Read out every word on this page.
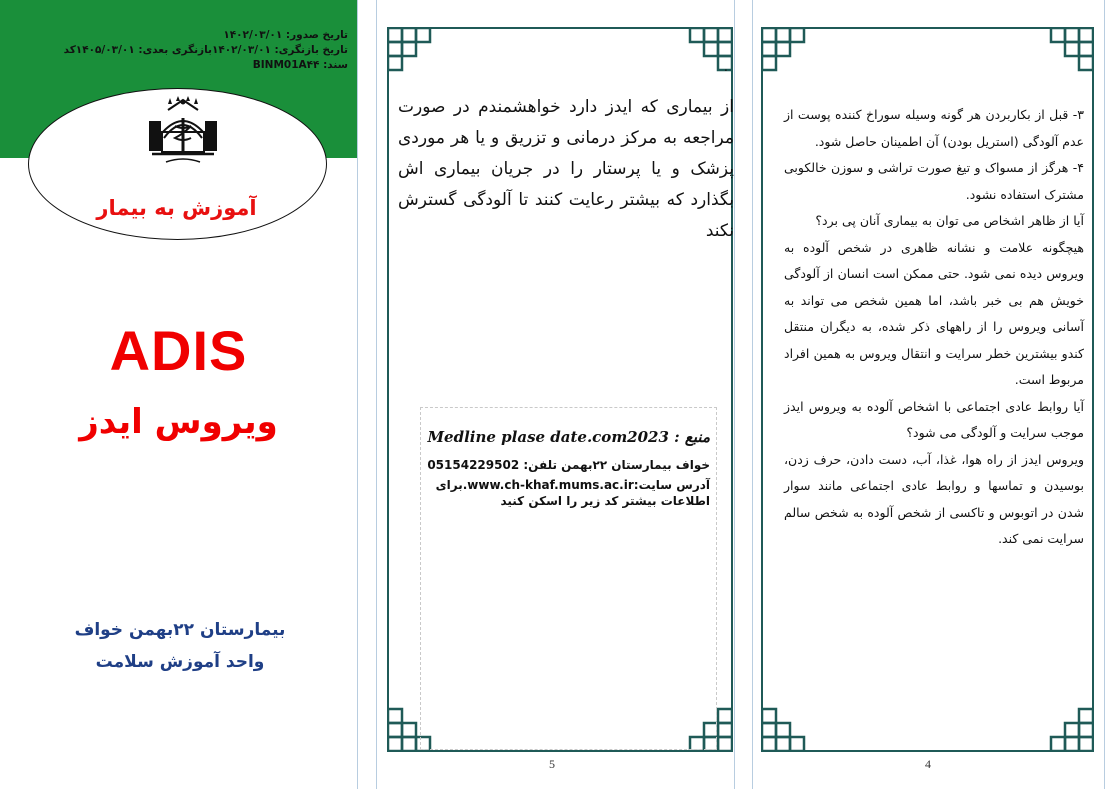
تاریخ صدور: ۱۴۰۲/۰۳/۰۱
تاریخ بازنگری: ۱۴۰۲/۰۳/۰۱بازنگری بعدی: ۱۴۰۵/۰۳/۰۱کد
سند: BINM01A۴۴
آموزش به بیمار
ADIS
ویروس ایدز
بیمارستان ۲۲بهمن خواف
واحد آموزش سلامت
.
از بیماری که ایدز دارد خواهشمندم در صورت مراجعه به مرکز درمانی و تزریق و یا هر موردی پزشک و یا پرستار را در جریان بیماری اش بگذارد که بیشتر رعایت کنند تا آلودگی گسترش نکند
منبع : Medline plase date.com2023
خواف بیمارستان ۲۲بهمن تلفن: 05154229502
آدرس سایت:www.ch-khaf.mums.ac.ir.برای
اطلاعات بیشتر کد زیر را اسکن کنید
5
۳- قبل از بکاربردن هر گونه وسیله سوراخ کننده پوست از عدم آلودگی (استریل بودن) آن اطمینان حاصل شود.
۴- هرگز از مسواک و تیغ صورت تراشی و سوزن خالکوبی مشترک استفاده نشود.
آیا از ظاهر اشخاص می توان به بیماری آنان پی برد؟
هیچگونه علامت و نشانه ظاهری در شخص آلوده به ویروس دیده نمی شود. حتی ممکن است انسان از آلودگی خویش هم بی خبر باشد، اما همین شخص می تواند به آسانی ویروس را از راههای ذکر شده، به دیگران منتقل کندو بیشترین خطر سرایت و انتقال ویروس به همین افراد مربوط است.
آیا روابط عادی اجتماعی با اشخاص آلوده به ویروس ایدز موجب سرایت و آلودگی می شود؟
ویروس ایدز از راه هوا، غذا، آب، دست دادن، حرف زدن، بوسیدن و تماسها و روابط عادی اجتماعی مانند سوار شدن در اتوبوس و تاکسی از شخص آلوده به شخص سالم سرایت نمی کند.
4
